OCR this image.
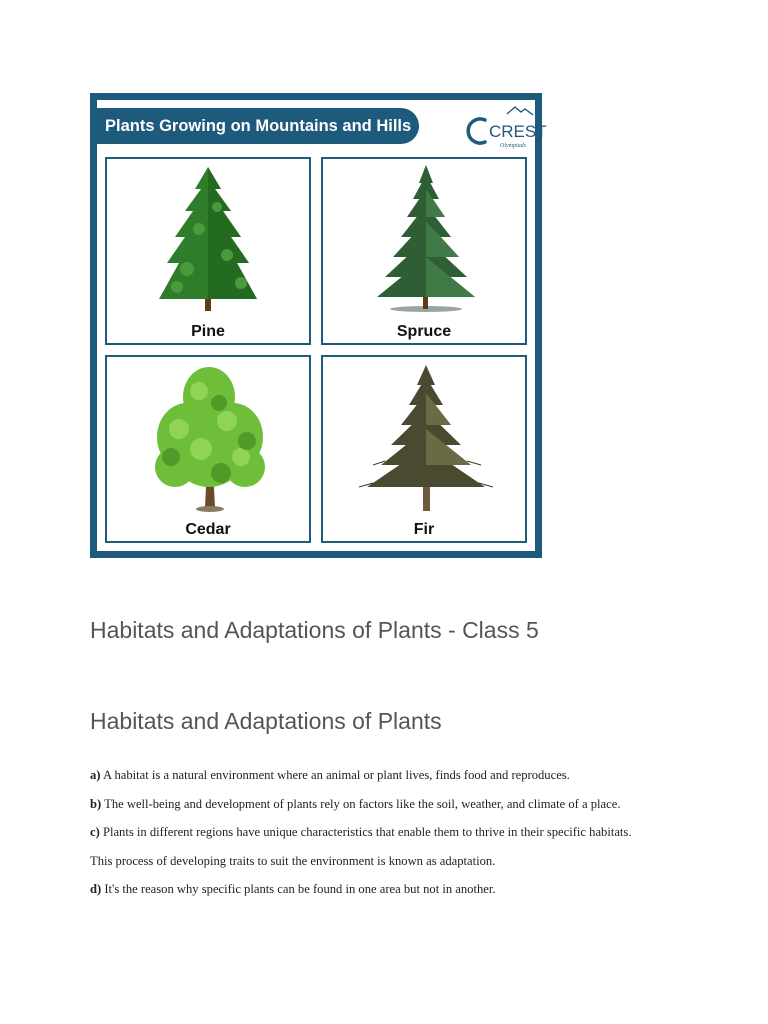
Plants Growing on Mountains and Hills	CREST
Olympiads
Pine	Spruce
Cedar	Fir
Habitats and Adaptations of Plants - Class 5
Habitats and Adaptations of Plants
a) A habitat is a natural environment where an animal or plant lives, finds food and reproduces.
b) The well-being and development of plants rely on factors like the soil, weather, and climate of a place.
c) Plants in different regions have unique characteristics that enable them to thrive in their specific habitats.
This process of developing traits to suit the environment is known as adaptation.
d) It's the reason why specific plants can be found in one area but not in another.
